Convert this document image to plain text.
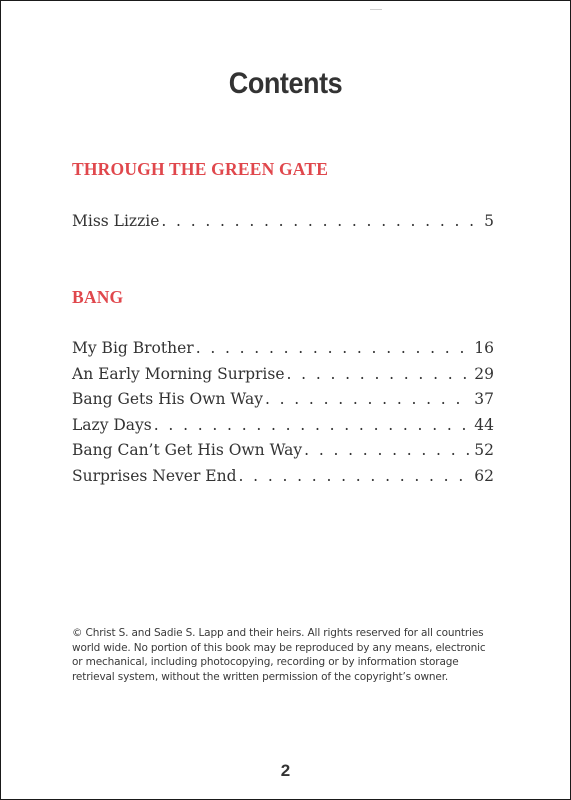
Contents
THROUGH THE GREEN GATE
Miss Lizzie . . .	5
BANG
My Big Brother . . .	16
An Early Morning Surprise . . .	29
Bang Gets His Own Way . . .	37
Lazy Days . . .	44
Bang Can’t Get His Own Way . . .	52
Surprises Never End . . .	62
© Christ S. and Sadie S. Lapp and their heirs. All rights reserved for all countries world wide. No portion of this book may be reproduced by any means, electronic or mechanical, including photocopying, recording or by information storage retrieval system, without the written permission of the copyright’s owner.
2
